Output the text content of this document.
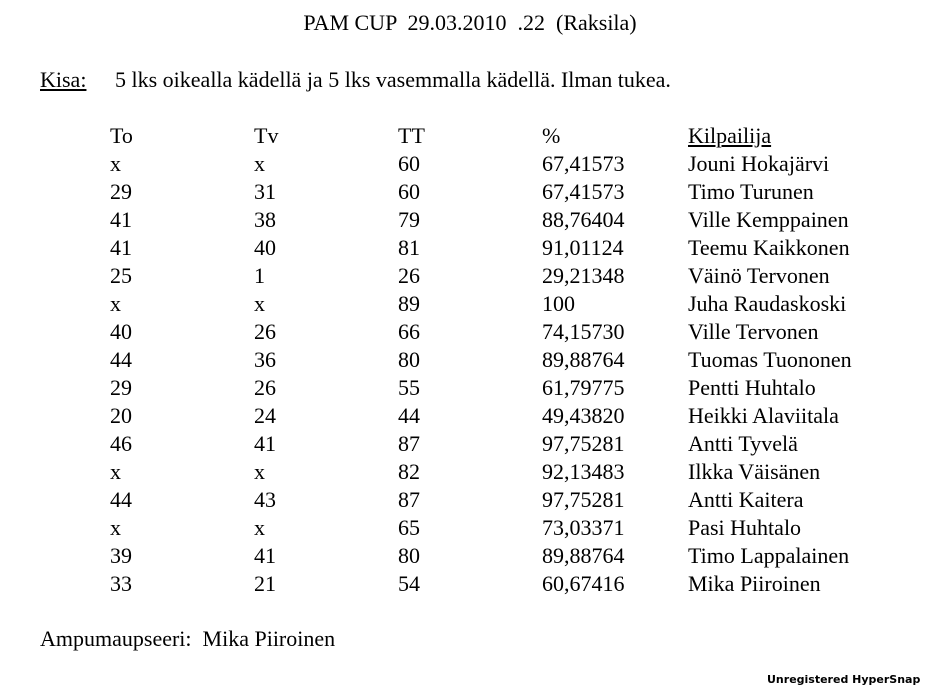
PAM CUP  29.03.2010  .22  (Raksila)
Kisa: 5 lks oikealla kädellä ja 5 lks vasemmalla kädellä. Ilman tukea.
To	Tv	TT	%	Kilpailija
x	x	60	67,41573	Jouni Hokajärvi
29	31	60	67,41573	Timo Turunen
41	38	79	88,76404	Ville Kemppainen
41	40	81	91,01124	Teemu Kaikkonen
25	1	26	29,21348	Väinö Tervonen
x	x	89	100	Juha Raudaskoski
40	26	66	74,15730	Ville Tervonen
44	36	80	89,88764	Tuomas Tuononen
29	26	55	61,79775	Pentti Huhtalo
20	24	44	49,43820	Heikki Alaviitala
46	41	87	97,75281	Antti Tyvelä
x	x	82	92,13483	Ilkka Väisänen
44	43	87	97,75281	Antti Kaitera
x	x	65	73,03371	Pasi Huhtalo
39	41	80	89,88764	Timo Lappalainen
33	21	54	60,67416	Mika Piiroinen
Ampumaupseeri: Mika Piiroinen
Unregistered HyperSnap
